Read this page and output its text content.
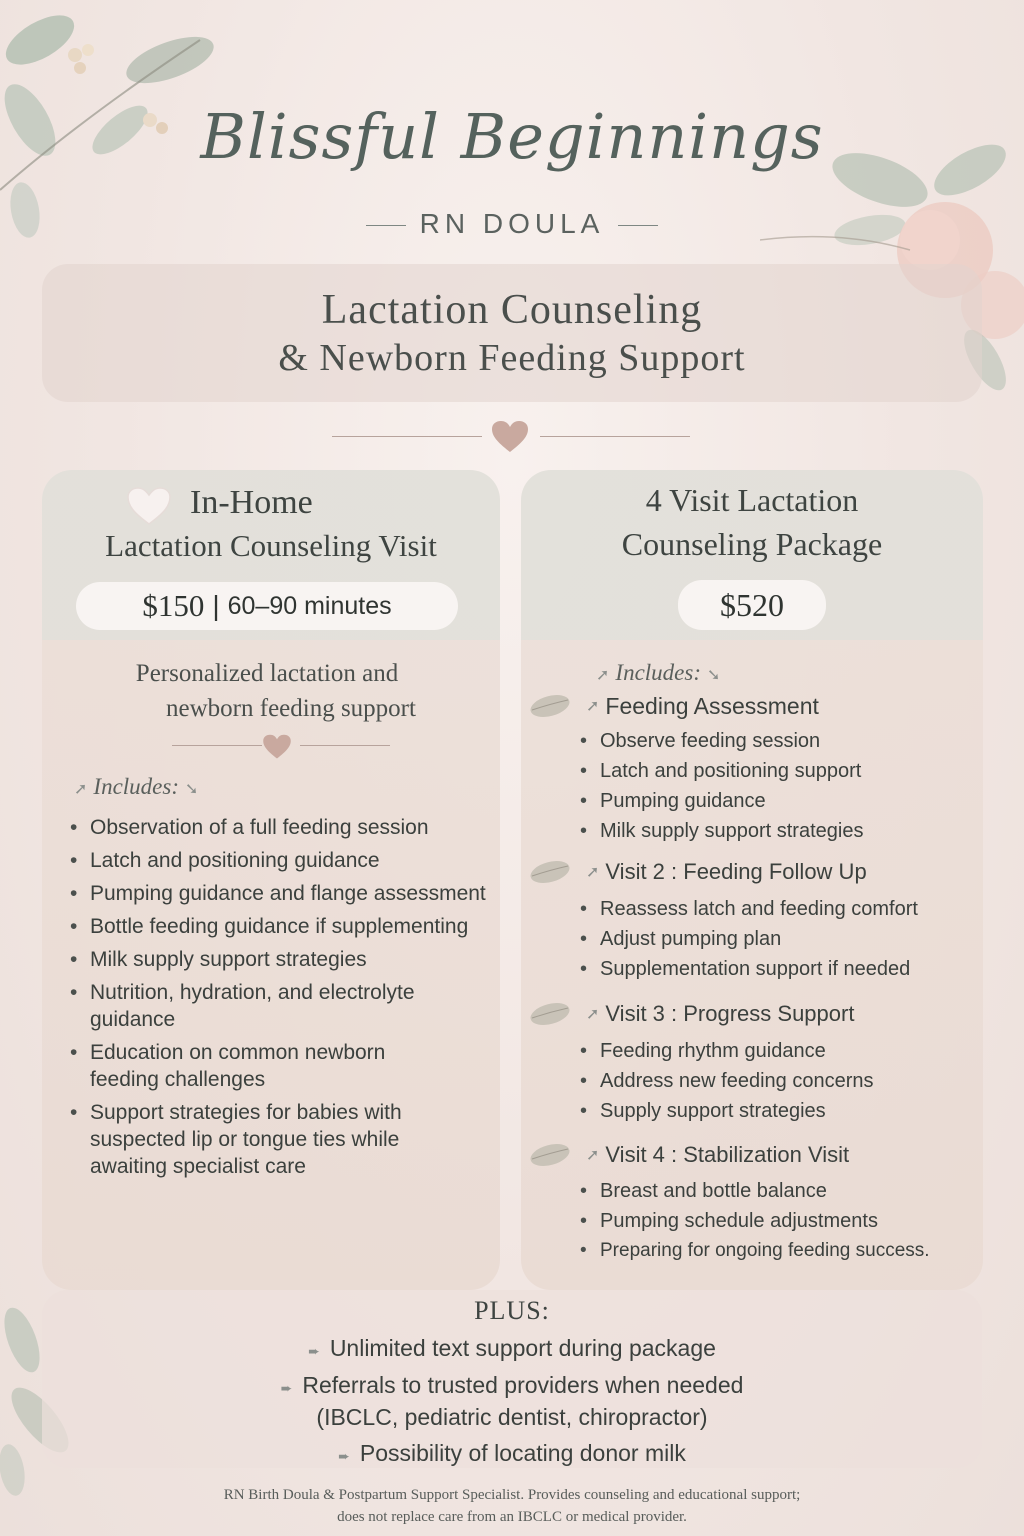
Blissful Beginnings
RN DOULA
Lactation Counseling
& Newborn Feeding Support
In-Home
Lactation Counseling Visit
$150 | 60–90 minutes
Personalized lactation and
newborn feeding support
➚ Includes: ➘
• Observation of a full feeding session
• Latch and positioning guidance
• Pumping guidance and flange assessment
• Bottle feeding guidance if supplementing
• Milk supply support strategies
• Nutrition, hydration, and electrolyte guidance
• Education on common newborn feeding challenges
• Support strategies for babies with suspected lip or tongue ties while awaiting specialist care
4 Visit Lactation
Counseling Package
$520
➚ Includes: ➘
➚ Feeding Assessment
• Observe feeding session
• Latch and positioning support
• Pumping guidance
• Milk supply support strategies
➚ Visit 2 : Feeding Follow Up
• Reassess latch and feeding comfort
• Adjust pumping plan
• Supplementation support if needed
➚ Visit 3 : Progress Support
• Feeding rhythm guidance
• Address new feeding concerns
• Supply support strategies
➚ Visit 4 : Stabilization Visit
• Breast and bottle balance
• Pumping schedule adjustments
• Preparing for ongoing feeding success.
PLUS:
➨ Unlimited text support during package
➨ Referrals to trusted providers when needed
(IBCLC, pediatric dentist, chiropractor)
➨ Possibility of locating donor milk
RN Birth Doula & Postpartum Support Specialist. Provides counseling and educational support;
does not replace care from an IBCLC or medical provider.
